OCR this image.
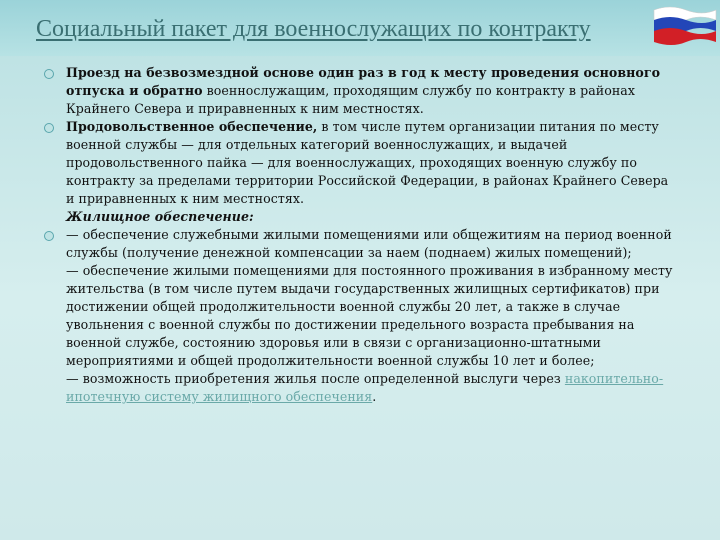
Социальный пакет для военнослужащих по контракту

Проезд на безвозмездной основе один раз в год к месту проведения основного отпуска и обратно военнослужащим, проходящим службу по контракту в районах Крайнего Севера и приравненных к ним местностях.

Продовольственное обеспечение, в том числе путем организации питания по месту военной службы — для отдельных категорий военнослужащих, и выдачей продовольственного пайка — для военнослужащих, проходящих военную службу по контракту за пределами территории Российской Федерации, в районах Крайнего Севера и приравненных к ним местностях.

Жилищное обеспечение:

— обеспечение служебными жилыми помещениями или общежитиям на период военной службы (получение денежной компенсации за наем (поднаем) жилых помещений);

— обеспечение жилыми помещениями для постоянного проживания в избранному месту жительства (в том числе путем выдачи государственных жилищных сертификатов) при достижении общей продолжительности военной службы 20 лет, а также в случае увольнения с военной службы по достижении предельного возраста пребывания на военной службе, состоянию здоровья или в связи с организационно-штатными мероприятиями и общей продолжительности военной службы 10 лет и более;

— возможность приобретения жилья после определенной выслуги через накопительно-ипотечную систему жилищного обеспечения.
